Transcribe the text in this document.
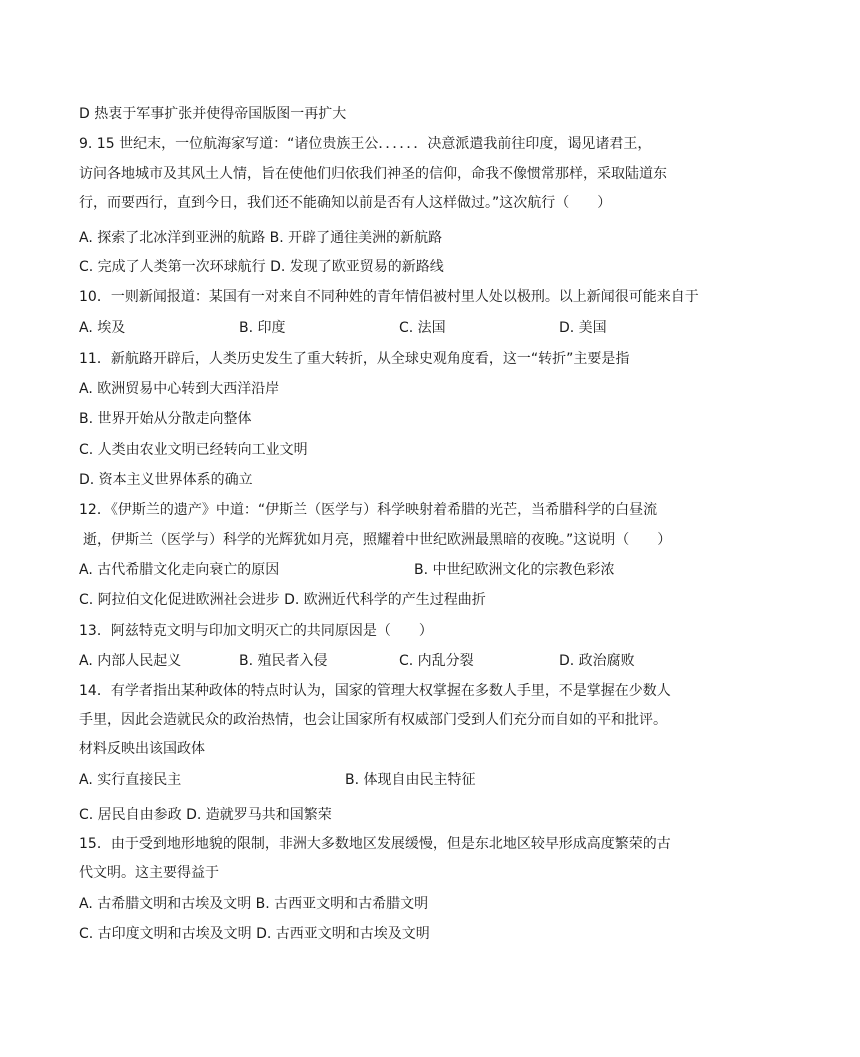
D 热衷于军事扩张并使得帝国版图一再扩大
9. 15 世纪末，一位航海家写道：“诸位贵族王公．．．．．．决意派遣我前往印度，谒见诸君王，
访问各地城市及其风土人情，旨在使他们归依我们神圣的信仰，命我不像惯常那样，采取陆道东
行，而要西行，直到今日，我们还不能确知以前是否有人这样做过。”这次航行（　　）
A. 探索了北冰洋到亚洲的航路 B. 开辟了通往美洲的新航路
C. 完成了人类第一次环球航行 D. 发现了欧亚贸易的新路线
10．一则新闻报道：某国有一对来自不同种姓的青年情侣被村里人处以极刑。以上新闻很可能来自于
A. 埃及	B. 印度	C. 法国	D. 美国
11．新航路开辟后，人类历史发生了重大转折，从全球史观角度看，这一“转折”主要是指
A. 欧洲贸易中心转到大西洋沿岸
B. 世界开始从分散走向整体
C. 人类由农业文明已经转向工业文明
D. 资本主义世界体系的确立
12．《伊斯兰的遗产》中道：“伊斯兰（医学与）科学映射着希腊的光芒，当希腊科学的白昼流
逝，伊斯兰（医学与）科学的光辉犹如月亮，照耀着中世纪欧洲最黑暗的夜晚。”这说明（　　）
A. 古代希腊文化走向衰亡的原因	B. 中世纪欧洲文化的宗教色彩浓
C. 阿拉伯文化促进欧洲社会进步 D. 欧洲近代科学的产生过程曲折
13．阿兹特克文明与印加文明灭亡的共同原因是（　　）
A. 内部人民起义	B. 殖民者入侵	C. 内乱分裂	D. 政治腐败
14．有学者指出某种政体的特点时认为，国家的管理大权掌握在多数人手里，不是掌握在少数人
手里，因此会造就民众的政治热情，也会让国家所有权威部门受到人们充分而自如的平和批评。
材料反映出该国政体
A. 实行直接民主	B. 体现自由民主特征
C. 居民自由参政 D. 造就罗马共和国繁荣
15．由于受到地形地貌的限制，非洲大多数地区发展缓慢，但是东北地区较早形成高度繁荣的古
代文明。这主要得益于
A. 古希腊文明和古埃及文明 B. 古西亚文明和古希腊文明
C. 古印度文明和古埃及文明 D. 古西亚文明和古埃及文明
